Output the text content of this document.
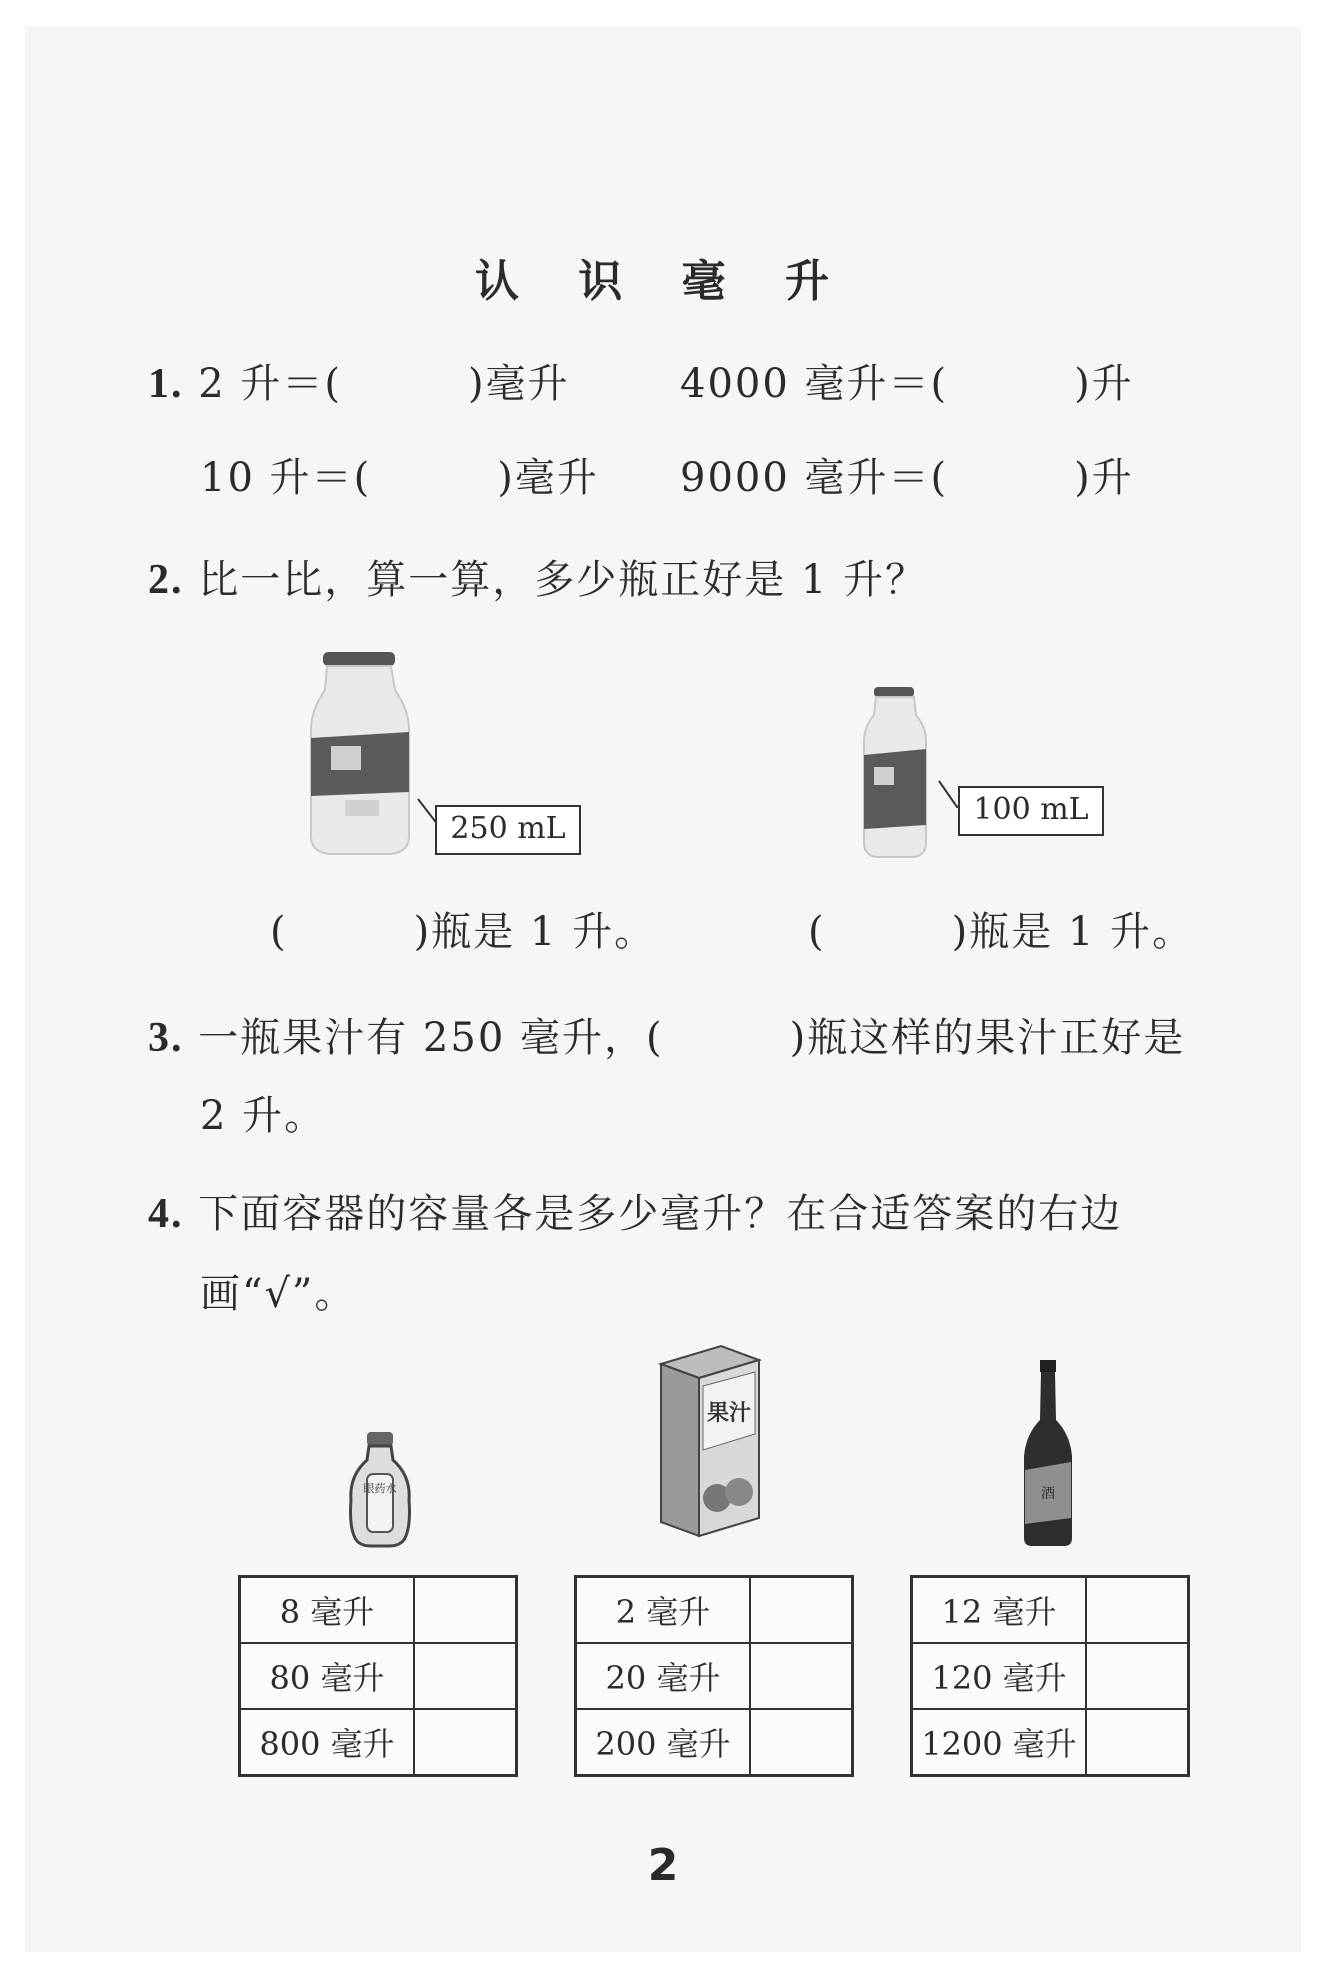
认 识 毫 升
1. 2 升＝(　　　)毫升	4000 毫升＝(　　　)升
10 升＝(　　　)毫升 9000 毫升＝(　　　)升
2. 比一比，算一算，多少瓶正好是 1 升？
250 mL
100 mL
(　　　)瓶是 1 升。	(　　　)瓶是 1 升。
3. 一瓶果汁有 250 毫升，(　　　)瓶这样的果汁正好是
2 升。
4. 下面容器的容量各是多少毫升？在合适答案的右边
画“√”。
眼药水
果汁
酒
8 毫升	
80 毫升	
800 毫升	
2 毫升	
20 毫升	
200 毫升	
12 毫升	
120 毫升	
1200 毫升	
2
